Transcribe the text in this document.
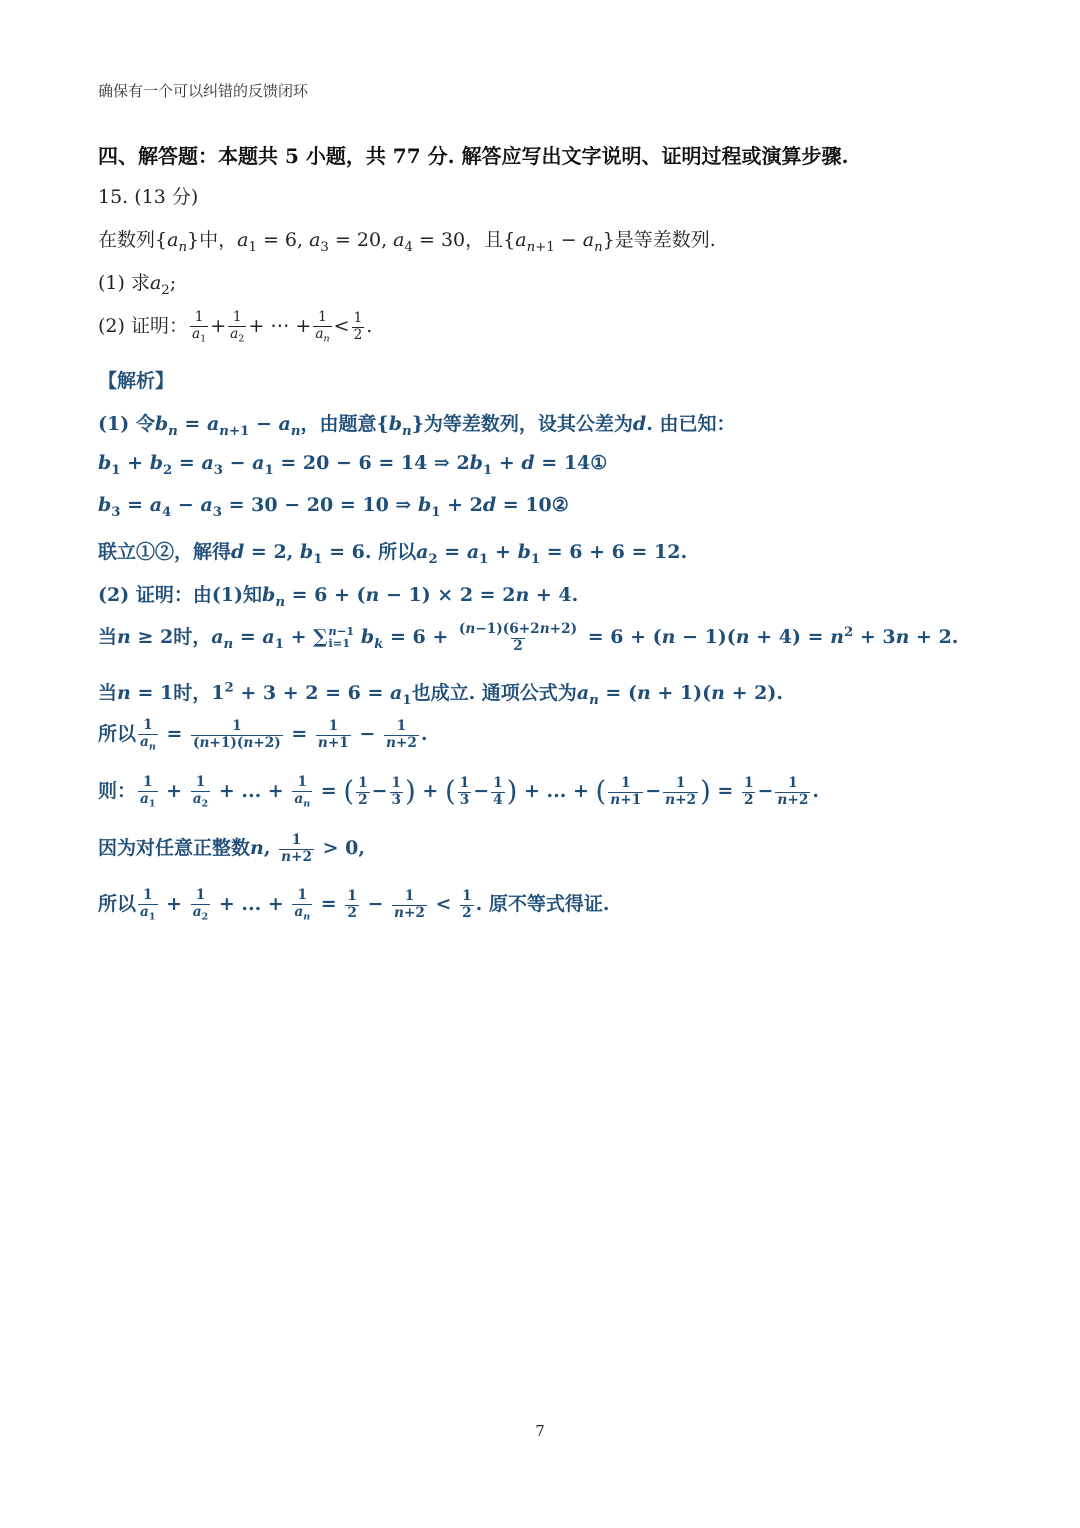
确保有一个可以纠错的反馈闭环
四、解答题：本题共 5 小题，共 77 分. 解答应写出文字说明、证明过程或演算步骤.
15. (13 分)
在数列$\{a_n\}$中，$a_1 = 6$, $a_3 = 20$, $a_4 = 30$，且$\{a_{n+1} - a_n\}$是等差数列.
(1) 求$a_2$;
(2) 证明： $\frac{1}{a_1} + \frac{1}{a_2}$ + ⋯ + $\frac{1}{a_n} < \frac{1}{2}$ .
【解析】
(1) 令$b_n = a_{n+1} - a_n$，由题意$\{b_n\}$为等差数列，设其公差为d. 由已知：
$b_1 + b_2 = a_3 - a_1 = 20 - 6 = 14$ ⇒ $2b_1 + d$ = 14①
$b_3 = a_4 - a_3 = 30 - 20 = 10$ ⇒ $b_1 + 2d$ = 10②
联立①②，解得d = 2, $b_1 = 6$. 所以$a_2 = a_1 + b_1 = 6 + 6 = 12$.
(2) 证明：由(1)知$b_n = 6 + (n - 1) \times 2 = 2n + 4$.
当n ≥ 2时，$a_n = a_1$ + ∑ n−1
i=1 $b_k = 6 + \frac{(n-1)(6+2n+2)}{2} = 6 + (n - 1)(n + 4) = n^2 + 3n + 2$.
当n = 1时，$1^2 + 3 + 2 = 6 = a_1$也成立. 通项公式为$a_n = (n + 1)(n + 2)$.
所以 $\frac{1}{a_n} = \frac{1}{(n+1)(n+2)} = \frac{1}{n+1} - \frac{1}{n+2}$ .
则： $\frac{1}{a_1} + \frac{1}{a_2}$ + ... + $\frac{1}{a_n}$ = ( $\frac{1}{2} - \frac{1}{3}$ ) + ( $\frac{1}{3} - \frac{1}{4}$ ) + ... + ( $\frac{1}{n+1} - \frac{1}{n+2}$ ) = $\frac{1}{2} - \frac{1}{n+2}$ .
因为对任意正整数n, $\frac{1}{n+2} > 0$,
所以 $\frac{1}{a_1} + \frac{1}{a_2}$ + ... + $\frac{1}{a_n} = \frac{1}{2} - \frac{1}{n+2} < \frac{1}{2}$ . 原不等式得证.
7
